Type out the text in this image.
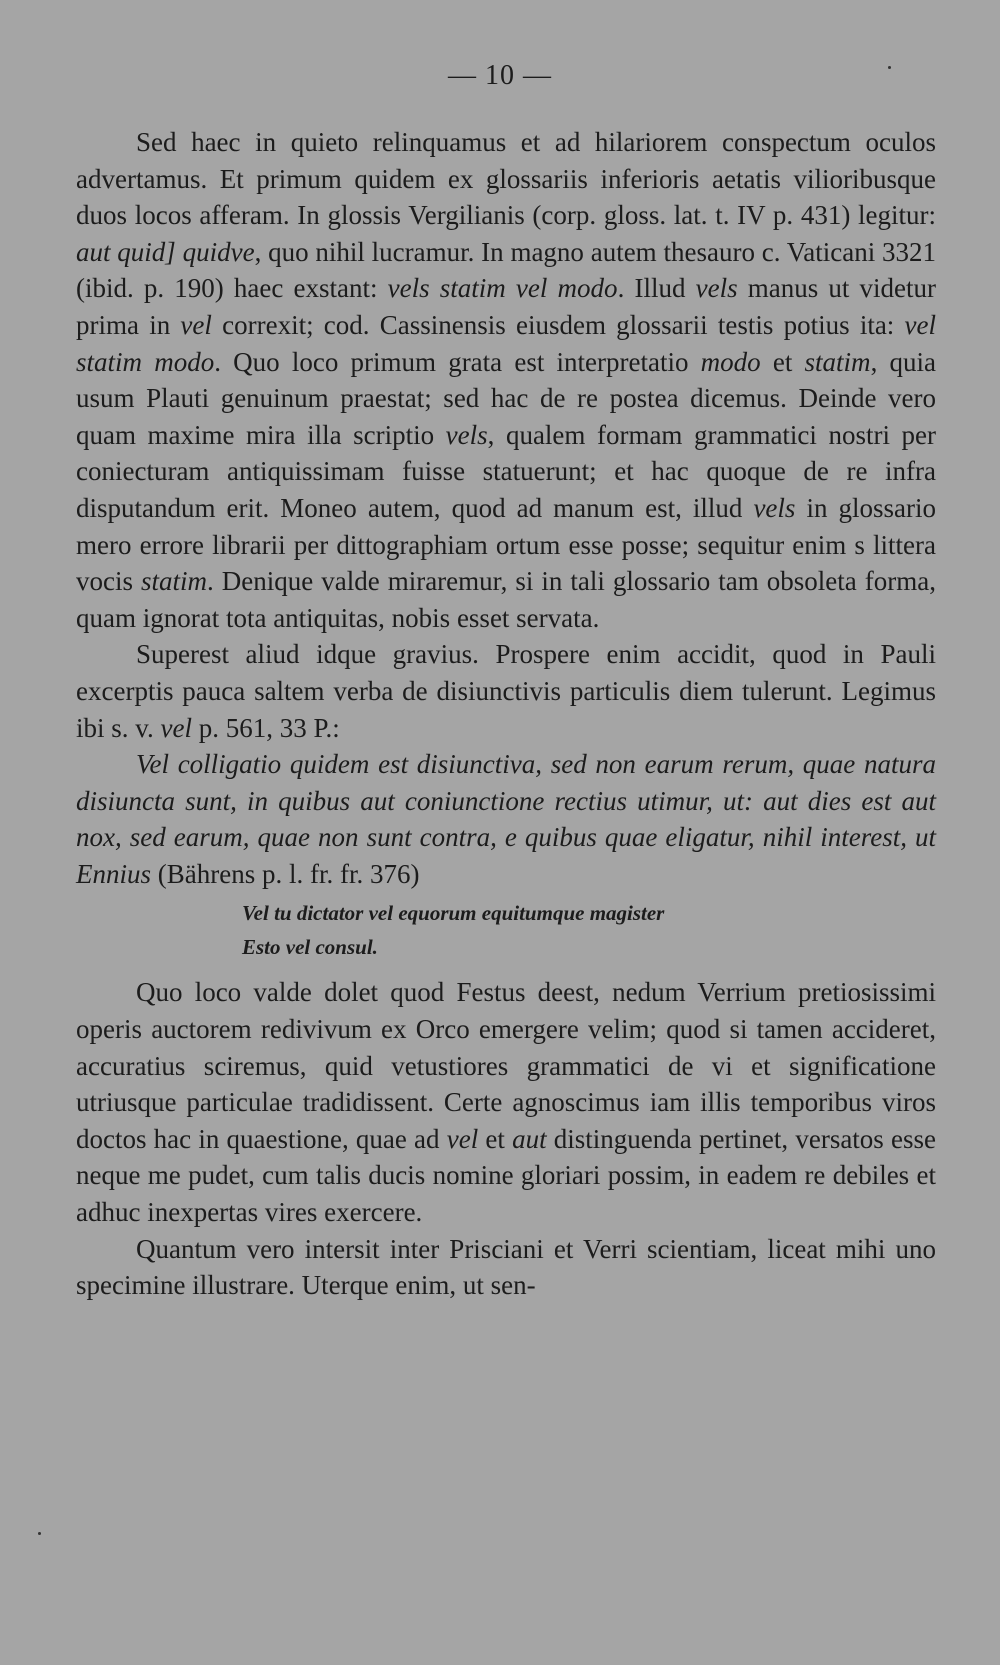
— 10 —

Sed haec in quieto relinquamus et ad hilariorem conspectum oculos advertamus. Et primum quidem ex glossariis inferioris aetatis vilioribusque duos locos afferam. In glossis Vergilianis (corp. gloss. lat. t. IV p. 431) legitur: aut quid] quidve, quo nihil lucramur. In magno autem thesauro c. Vaticani 3321 (ibid. p. 190) haec exstant: vels statim vel modo. Illud vels manus ut videtur prima in vel correxit; cod. Cassinensis eiusdem glossarii testis potius ita: vel statim modo. Quo loco primum grata est interpretatio modo et statim, quia usum Plauti genuinum praestat; sed hac de re postea dicemus. Deinde vero quam maxime mira illa scriptio vels, qualem formam grammatici nostri per coniecturam antiquissimam fuisse statuerunt; et hac quoque de re infra disputandum erit. Moneo autem, quod ad manum est, illud vels in glossario mero errore librarii per dittographiam ortum esse posse; sequitur enim s littera vocis statim. Denique valde miraremur, si in tali glossario tam obsoleta forma, quam ignorat tota antiquitas, nobis esset servata.

Superest aliud idque gravius. Prospere enim accidit, quod in Pauli excerptis pauca saltem verba de disiunctivis particulis diem tulerunt. Legimus ibi s. v. vel p. 561, 33 P.:

Vel colligatio quidem est disiunctiva, sed non earum rerum, quae natura disiuncta sunt, in quibus aut coniunctione rectius utimur, ut: aut dies est aut nox, sed earum, quae non sunt contra, e quibus quae eligatur, nihil interest, ut Ennius (Bährens p. l. fr. fr. 376)

Vel tu dictator vel equorum equitumque magister
Esto vel consul.

Quo loco valde dolet quod Festus deest, nedum Verrium pretiosissimi operis auctorem redivivum ex Orco emergere velim; quod si tamen accideret, accuratius sciremus, quid vetustiores grammatici de vi et significatione utriusque particulae tradidissent. Certe agnoscimus iam illis temporibus viros doctos hac in quaestione, quae ad vel et aut distinguenda pertinet, versatos esse neque me pudet, cum talis ducis nomine gloriari possim, in eadem re debiles et adhuc inexpertas vires exercere.

Quantum vero intersit inter Prisciani et Verri scientiam, liceat mihi uno specimine illustrare. Uterque enim, ut sen-
